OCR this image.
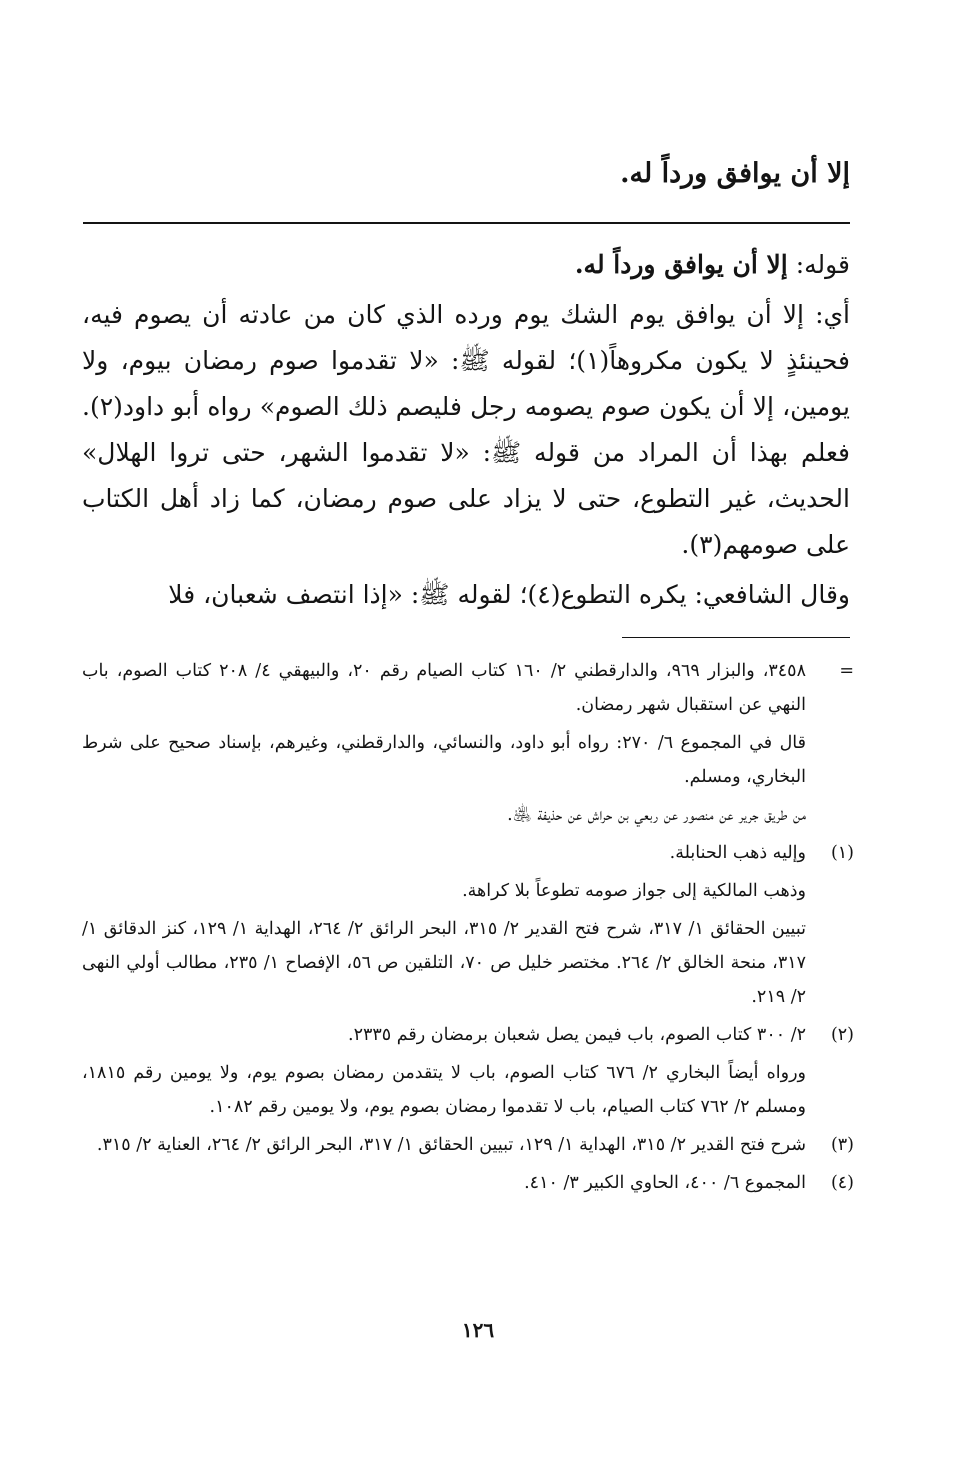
إلا أن يوافق ورداً له.

قوله: إلا أن يوافق ورداً له.

أي: إلا أن يوافق يوم الشك يوم ورده الذي كان من عادته أن يصوم فيه، فحينئذٍ لا يكون مكروهاً(١)؛ لقوله ﷺ: «لا تقدموا صوم رمضان بيوم، ولا يومين، إلا أن يكون صوم يصومه رجل فليصم ذلك الصوم» رواه أبو داود(٢). فعلم بهذا أن المراد من قوله ﷺ: «لا تقدموا الشهر، حتى تروا الهلال» الحديث، غير التطوع، حتى لا يزاد على صوم رمضان، كما زاد أهل الكتاب على صومهم(٣).

وقال الشافعي: يكره التطوع(٤)؛ لقوله ﷺ: «إذا انتصف شعبان، فلا

=

٣٤٥٨، والبزار ٩٦٩، والدارقطني ٢/ ١٦٠ كتاب الصيام رقم ٢٠، والبيهقي ٤/ ٢٠٨ كتاب الصوم، باب النهي عن استقبال شهر رمضان.

قال في المجموع ٦/ ٢٧٠: رواه أبو داود، والنسائي، والدارقطني، وغيرهم، بإسناد صحيح على شرط البخاري، ومسلم.

من طريق جرير عن منصور عن ربعي بن حراش عن حذيفة ﵁.

(١)

وإليه ذهب الحنابلة.

وذهب المالكية إلى جواز صومه تطوعاً بلا كراهة.

تبيين الحقائق ١/ ٣١٧، شرح فتح القدير ٢/ ٣١٥، البحر الرائق ٢/ ٢٦٤، الهداية ١/ ١٢٩، كنز الدقائق ١/ ٣١٧، منحة الخالق ٢/ ٢٦٤. مختصر خليل ص ٧٠، التلقين ص ٥٦، الإفصاح ١/ ٢٣٥، مطالب أولي النهى ٢/ ٢١٩.

(٢)

٢/ ٣٠٠ كتاب الصوم، باب فيمن يصل شعبان برمضان رقم ٢٣٣٥.

ورواه أيضاً البخاري ٢/ ٦٧٦ كتاب الصوم، باب لا يتقدمن رمضان بصوم يوم، ولا يومين رقم ١٨١٥، ومسلم ٢/ ٧٦٢ كتاب الصيام، باب لا تقدموا رمضان بصوم يوم، ولا يومين رقم ١٠٨٢.

(٣)

شرح فتح القدير ٢/ ٣١٥، الهداية ١/ ١٢٩، تبيين الحقائق ١/ ٣١٧، البحر الرائق ٢/ ٢٦٤، العناية ٢/ ٣١٥.

(٤)

المجموع ٦/ ٤٠٠، الحاوي الكبير ٣/ ٤١٠.

١٢٦
